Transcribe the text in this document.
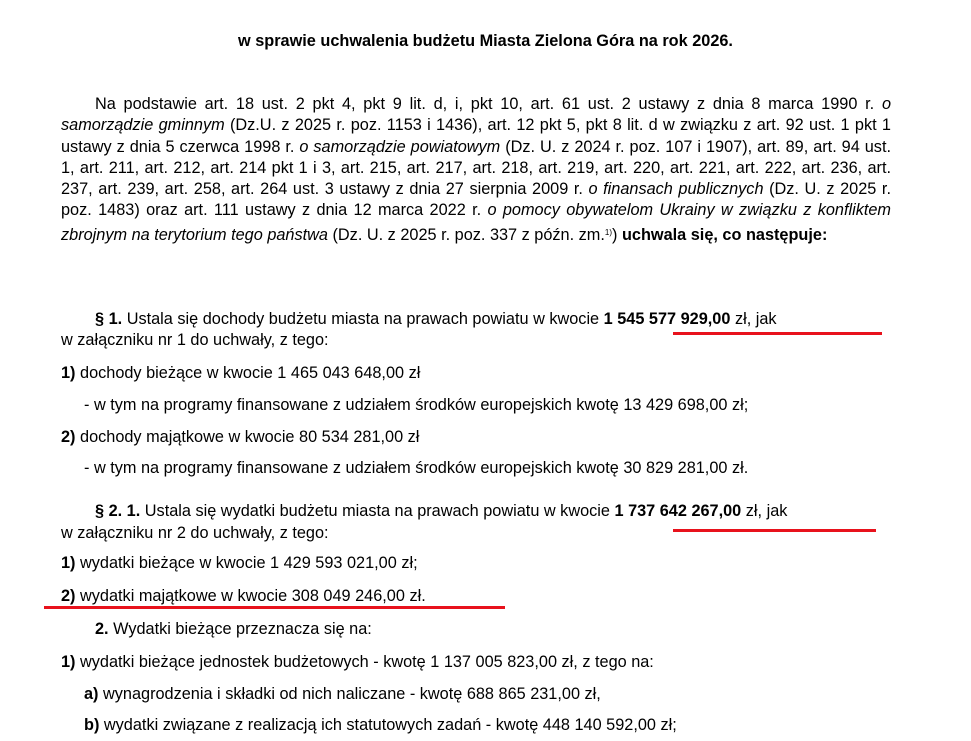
w sprawie uchwalenia budżetu Miasta Zielona Góra na rok 2026.
Na podstawie art. 18 ust. 2 pkt 4, pkt 9 lit. d, i, pkt 10, art. 61 ust. 2 ustawy z dnia 8 marca 1990 r. o samorządzie gminnym (Dz.U. z 2025 r. poz. 1153 i 1436), art. 12 pkt 5, pkt 8 lit. d w związku z art. 92 ust. 1 pkt 1 ustawy z dnia 5 czerwca 1998 r. o samorządzie powiatowym (Dz. U. z 2024 r. poz. 107 i 1907), art. 89, art. 94 ust. 1, art. 211, art. 212, art. 214 pkt 1 i 3, art. 215, art. 217, art. 218, art. 219, art. 220, art. 221, art. 222, art. 236, art. 237, art. 239, art. 258, art. 264 ust. 3 ustawy z dnia 27 sierpnia 2009 r. o finansach publicznych (Dz. U. z 2025 r. poz. 1483) oraz art. 111 ustawy z dnia 12 marca 2022 r. o pomocy obywatelom Ukrainy w związku z konfliktem zbrojnym na terytorium tego państwa (Dz. U. z 2025 r. poz. 337 z późn. zm.$^{1)}$) uchwala się, co następuje:
§ 1. Ustala się dochody budżetu miasta na prawach powiatu w kwocie 1 545 577 929,00 zł, jak
w załączniku nr 1 do uchwały, z tego:
1) dochody bieżące w kwocie 1 465 043 648,00 zł
- w tym na programy finansowane z udziałem środków europejskich kwotę 13 429 698,00 zł;
2) dochody majątkowe w kwocie 80 534 281,00 zł
- w tym na programy finansowane z udziałem środków europejskich kwotę 30 829 281,00 zł.
§ 2. 1. Ustala się wydatki budżetu miasta na prawach powiatu w kwocie 1 737 642 267,00 zł, jak
w załączniku nr 2 do uchwały, z tego:
1) wydatki bieżące w kwocie 1 429 593 021,00 zł;
2) wydatki majątkowe w kwocie 308 049 246,00 zł.
2. Wydatki bieżące przeznacza się na:
1) wydatki bieżące jednostek budżetowych - kwotę 1 137 005 823,00 zł, z tego na:
a) wynagrodzenia i składki od nich naliczane - kwotę 688 865 231,00 zł,
b) wydatki związane z realizacją ich statutowych zadań - kwotę 448 140 592,00 zł;
